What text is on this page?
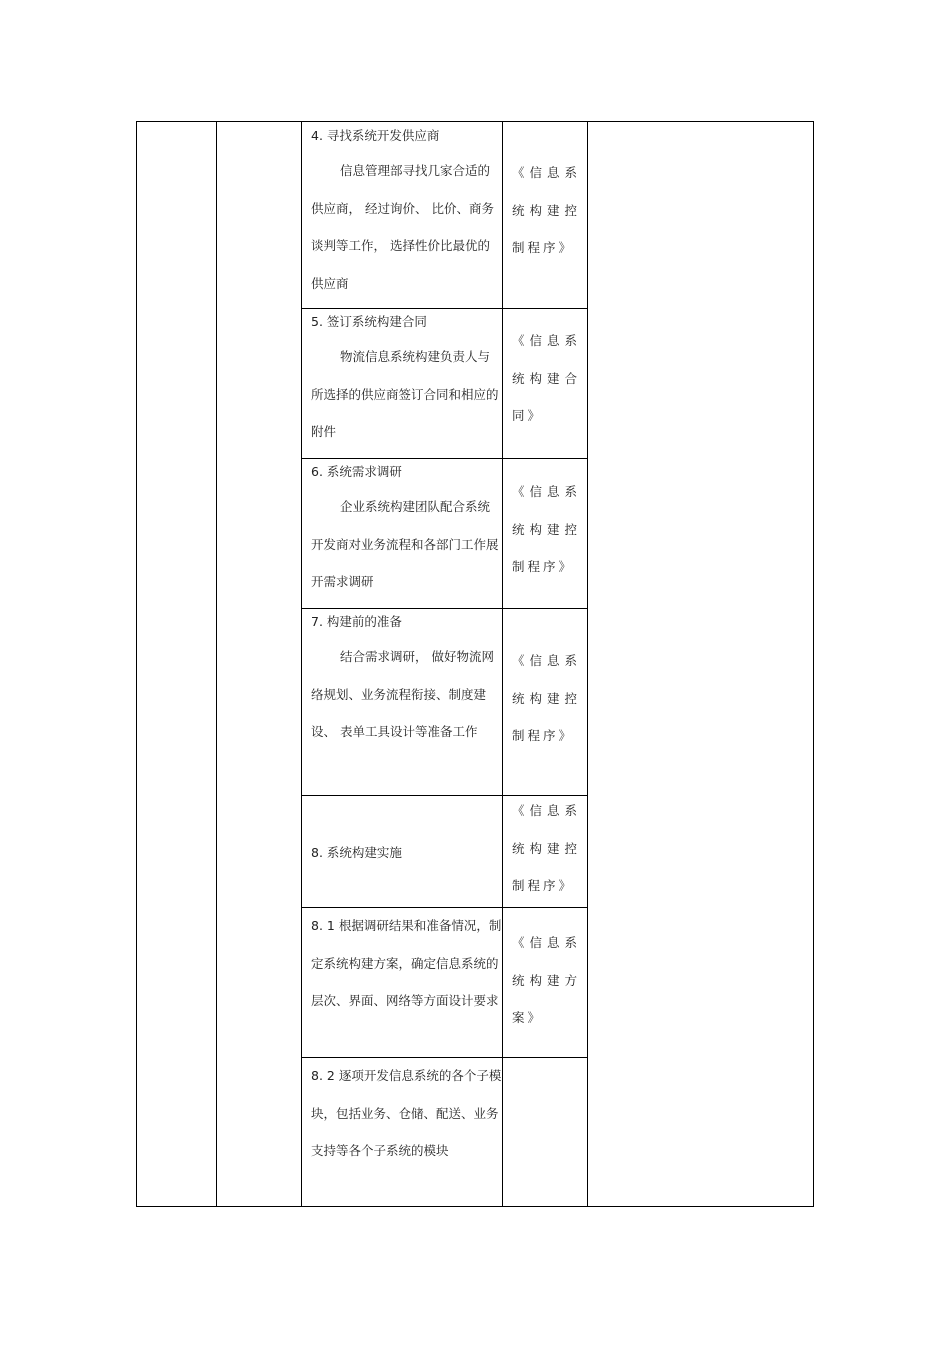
4. 寻找系统开发供应商
信息管理部寻找几家合适的供应商， 经过询价、 比价、商务谈判等工作， 选择性价比最优的供应商
《信息系统构建控制程序》
5. 签订系统构建合同
物流信息系统构建负责人与所选择的供应商签订合同和相应的附件
《信息系统构建合同》
6. 系统需求调研
企业系统构建团队配合系统开发商对业务流程和各部门工作展开需求调研
《信息系统构建控制程序》
7. 构建前的准备
结合需求调研， 做好物流网络规划、业务流程衔接、制度建设、 表单工具设计等准备工作
《信息系统构建控制程序》
8. 系统构建实施
《信息系统构建控制程序》
8. 1 根据调研结果和准备情况，制定系统构建方案，确定信息系统的层次、界面、网络等方面设计要求
《信息系统构建方案》
8. 2 逐项开发信息系统的各个子模块，包括业务、仓储、配送、业务支持等各个子系统的模块
